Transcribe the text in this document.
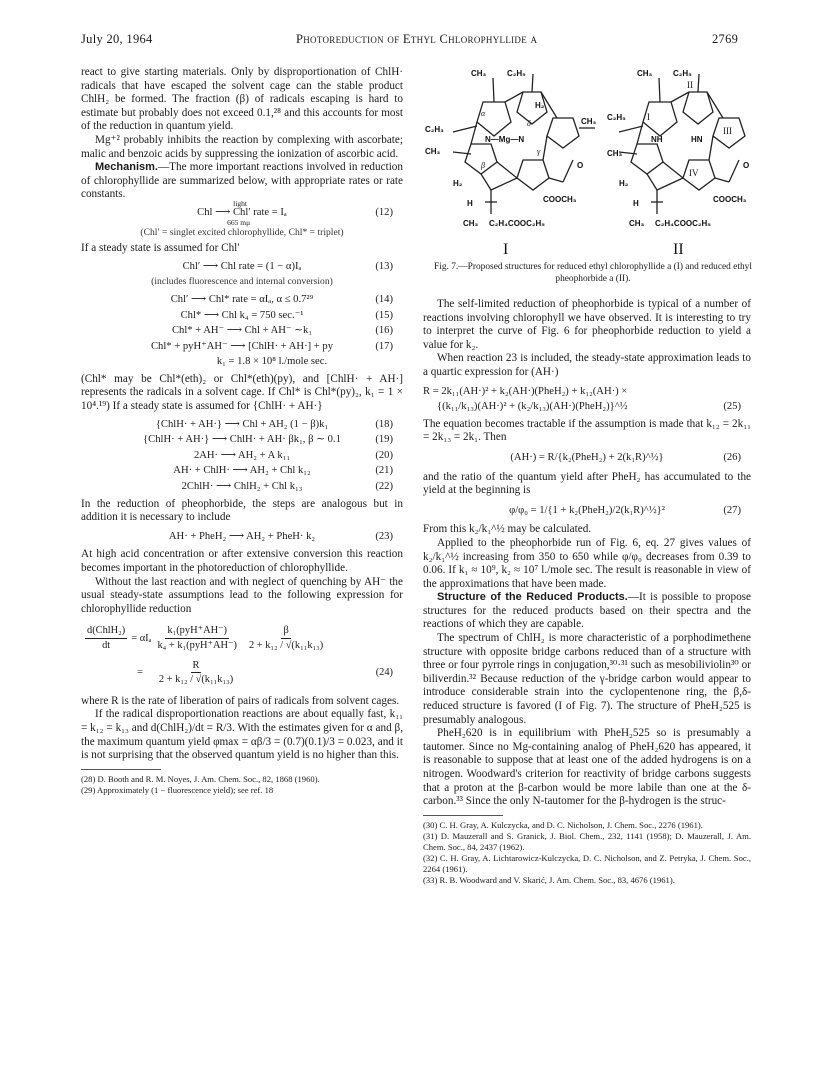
July 20, 1964	Photoreduction of Ethyl Chlorophyllide a	2769

react to give starting materials. Only by disproportionation of ChlH· radicals that have escaped the solvent cage can the stable product ChlH₂ be formed. The fraction (β) of radicals escaping is hard to estimate but probably does not exceed 0.1,²⁸ and this accounts for most of the reduction in quantum yield.

Mg⁺² probably inhibits the reaction by complexing with ascorbate; malic and benzoic acids by suppressing the ionization of ascorbic acid.

Mechanism.—The more important reactions involved in reduction of chlorophyllide are summarized below, with appropriate rates or rate constants.

light
Chl ⟶ Chl′ rate = Iₐ
665 mμ
(12)
(Chl′ = singlet excited chlorophyllide, Chl* = triplet)

If a steady state is assumed for Chl′

Chl′ ⟶ Chl rate = (1 − α)Iₐ	(13)
(includes fluorescence and internal conversion)
Chl′ ⟶ Chl* rate = αIₐ, α ≤ 0.7²⁹	(14)
Chl* ⟶ Chl k₄ = 750 sec.⁻¹	(15)
Chl* + AH⁻ ⟶ Chl + AH⁻ ∼k₁	(16)
Chl* + pyH⁺AH⁻ ⟶ [ChlH· + AH·] + py	(17)
k₁ = 1.8 × 10⁸ l./mole sec.

(Chl* may be Chl*(eth)₂ or Chl*(eth)(py), and [ChlH· + AH·] represents the radicals in a solvent cage. If Chl* is Chl*(py)₂, k₁ = 1 × 10⁴.¹⁹) If a steady state is assumed for {ChlH· + AH·}

{ChlH· + AH·} ⟶ Chl + AH₂ (1 − β)k₁	(18)
{ChlH· + AH·} ⟶ ChlH· + AH· βk₁, β ∼ 0.1	(19)
2AH· ⟶ AH₂ + A k₁₁	(20)
AH· + ChlH· ⟶ AH₂ + Chl k₁₂	(21)
2ChlH· ⟶ ChlH₂ + Chl k₁₃	(22)

In the reduction of pheophorbide, the steps are analogous but in addition it is necessary to include

AH· + PheH₂ ⟶ AH₂ + PheH· k₂	(23)

At high acid concentration or after extensive conversion this reaction becomes important in the photoreduction of chlorophyllide.

Without the last reaction and with neglect of quenching by AH⁻ the usual steady-state assumptions lead to the following expression for chlorophyllide reduction

$\frac{\text{d(ChlH₂)}}{dt} = \alpha I_a \frac{\text{k₁(pyH⁺AH⁻)}}{\text{k₄ + k₁(pyH⁺AH⁻)}} \frac{\beta}{\text{2 + k₁₂ / √(k₁₁k₁₃)}}$
= $\frac{R}{\text{2 + k₁₂ / √(k₁₁k₁₃)}}$	(24)

where R is the rate of liberation of pairs of radicals from solvent cages.

If the radical disproportionation reactions are about equally fast, k₁₁ = k₁₂ = k₁₃ and d(ChlH₂)/dt = R/3. With the estimates given for α and β, the maximum quantum yield φmax = αβ/3 = (0.7)(0.1)/3 = 0.023, and it is not surprising that the observed quantum yield is no higher than this.

(28) D. Booth and R. M. Noyes, J. Am. Chem. Soc., 82, 1868 (1960).

(29) Approximately (1 − fluorescence yield); see ref. 18

CH₃	C₂H₅
H₂
C₂H₃
N—Mg—N
CH₃
CH₃
H₂
O
COOCH₃
H
CH₃ C₂H₄COOC₂H₅
CH₃	C₂H₅
C₂H₅
NH	HN
CH₃
H₂
O
COOCH₃
H
CH₃ C₂H₄COOC₂H₅
α
β
γ
δ
II
I
III
IV
I	II
Fig. 7.—Proposed structures for reduced ethyl chlorophyllide a (I) and reduced ethyl pheophorbide a (II).

The self-limited reduction of pheophorbide is typical of a number of reactions involving chlorophyll we have observed. It is interesting to try to interpret the curve of Fig. 6 for pheophorbide reduction to yield a value for k₂.

When reaction 23 is included, the steady-state approximation leads to a quartic expression for (AH·)

R = 2k₁₁(AH·)² + k₂(AH·)(PheH₂) + k₁₂(AH·) ×
{(k₁₁/k₁₃)(AH·)² + (k₂/k₁₃)(AH·)(PheH₂)}^½	(25)

The equation becomes tractable if the assumption is made that k₁₂ = 2k₁₁ = 2k₁₃ = 2k₁. Then

(AH·) = R/{k₂(PheH₂) + 2(k₁R)^½}	(26)

and the ratio of the quantum yield after PheH₂ has accumulated to the yield at the beginning is

φ/φ₀ = 1/{1 + k₂(PheH₂)/2(k₁R)^½}²	(27)

From this k₂/k₁^½ may be calculated.

Applied to the pheophorbide run of Fig. 6, eq. 27 gives values of k₂/k₁^½ increasing from 350 to 650 while φ/φ₀ decreases from 0.39 to 0.06. If k₁ ≈ 10⁹, k₂ ≈ 10⁷ l./mole sec. The result is reasonable in view of the approximations that have been made.

Structure of the Reduced Products.—It is possible to propose structures for the reduced products based on their spectra and the reactions of which they are capable.

The spectrum of ChlH₂ is more characteristic of a porphodimethene structure with opposite bridge carbons reduced than of a structure with three or four pyrrole rings in conjugation,³⁰·³¹ such as mesobiliviolin³⁰ or biliverdin.³² Because reduction of the γ-bridge carbon would appear to introduce considerable strain into the cyclopentenone ring, the β,δ-reduced structure is favored (I of Fig. 7). The structure of PheH₂525 is presumably analogous.

PheH₂620 is in equilibrium with PheH₂525 so is presumably a tautomer. Since no Mg-containing analog of PheH₂620 has appeared, it is reasonable to suppose that at least one of the added hydrogens is on a nitrogen. Woodward's criterion for reactivity of bridge carbons suggests that a proton at the β-carbon would be more labile than one at the δ-carbon.³³ Since the only N-tautomer for the β-hydrogen is the struc-

(30) C. H. Gray, A. Kulczycka, and D. C. Nicholson, J. Chem. Soc., 2276 (1961).

(31) D. Mauzerall and S. Granick, J. Biol. Chem., 232, 1141 (1958); D. Mauzerall, J. Am. Chem. Soc., 84, 2437 (1962).

(32) C. H. Gray, A. Lichtarowicz-Kulczycka, D. C. Nicholson, and Z. Petryka, J. Chem. Soc., 2264 (1961).

(33) R. B. Woodward and V. Skarić, J. Am. Chem. Soc., 83, 4676 (1961).
